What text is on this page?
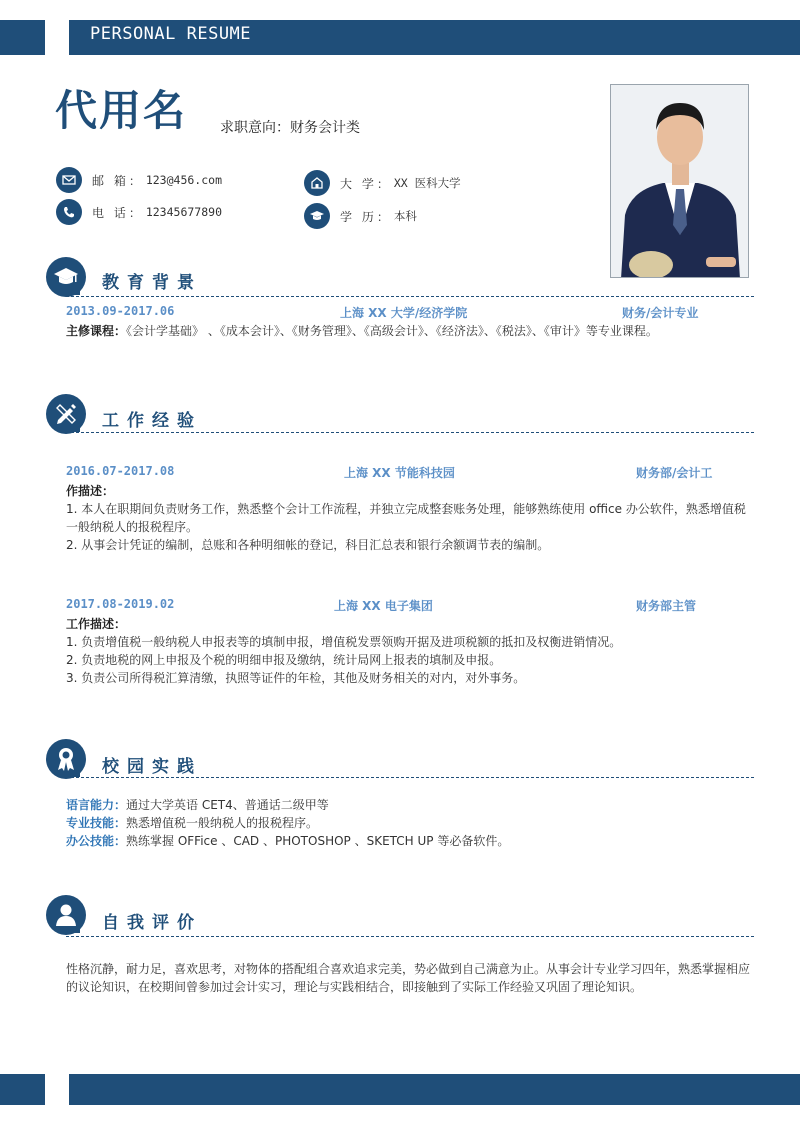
PERSONAL RESUME
代用名 求职意向：财务会计类
邮 箱： 123@456.com
电 话： 12345677890
大 学： XX 医科大学
学 历： 本科
教育背景
2013.09-2017.06	上海 XX 大学/经济学院	财务/会计专业
主修课程：《会计学基础》 、《成本会计》、《财务管理》、《高级会计》、《经济法》、《税法》、《审计》等专业课程。
工作经验
2016.07-2017.08	上海 XX 节能科技园	财务部/会计工
作描述：
1. 本人在职期间负责财务工作，熟悉整个会计工作流程，并独立完成整套账务处理，能够熟练使用 office 办公软件，熟悉增值税一般纳税人的报税程序。
2. 从事会计凭证的编制，总账和各种明细帐的登记，科目汇总表和银行余额调节表的编制。
2017.08-2019.02	上海 XX 电子集团	财务部主管
工作描述：
1. 负责增值税一般纳税人申报表等的填制申报，增值税发票领购开据及进项税额的抵扣及权衡进销情况。
2. 负责地税的网上申报及个税的明细申报及缴纳，统计局网上报表的填制及申报。
3. 负责公司所得税汇算清缴，执照等证件的年检，其他及财务相关的对内，对外事务。
校园实践
语言能力：通过大学英语 CET4、普通话二级甲等
专业技能：熟悉增值税一般纳税人的报税程序。
办公技能：熟练掌握 OFFice 、CAD 、PHOTOSHOP 、SKETCH UP 等必备软件。
自我评价
性格沉静，耐力足，喜欢思考，对物体的搭配组合喜欢追求完美，势必做到自己满意为止。从事会计专业学习四年，熟悉掌握相应的议论知识，在校期间曾参加过会计实习，理论与实践相结合，即接触到了实际工作经验又巩固了理论知识。
